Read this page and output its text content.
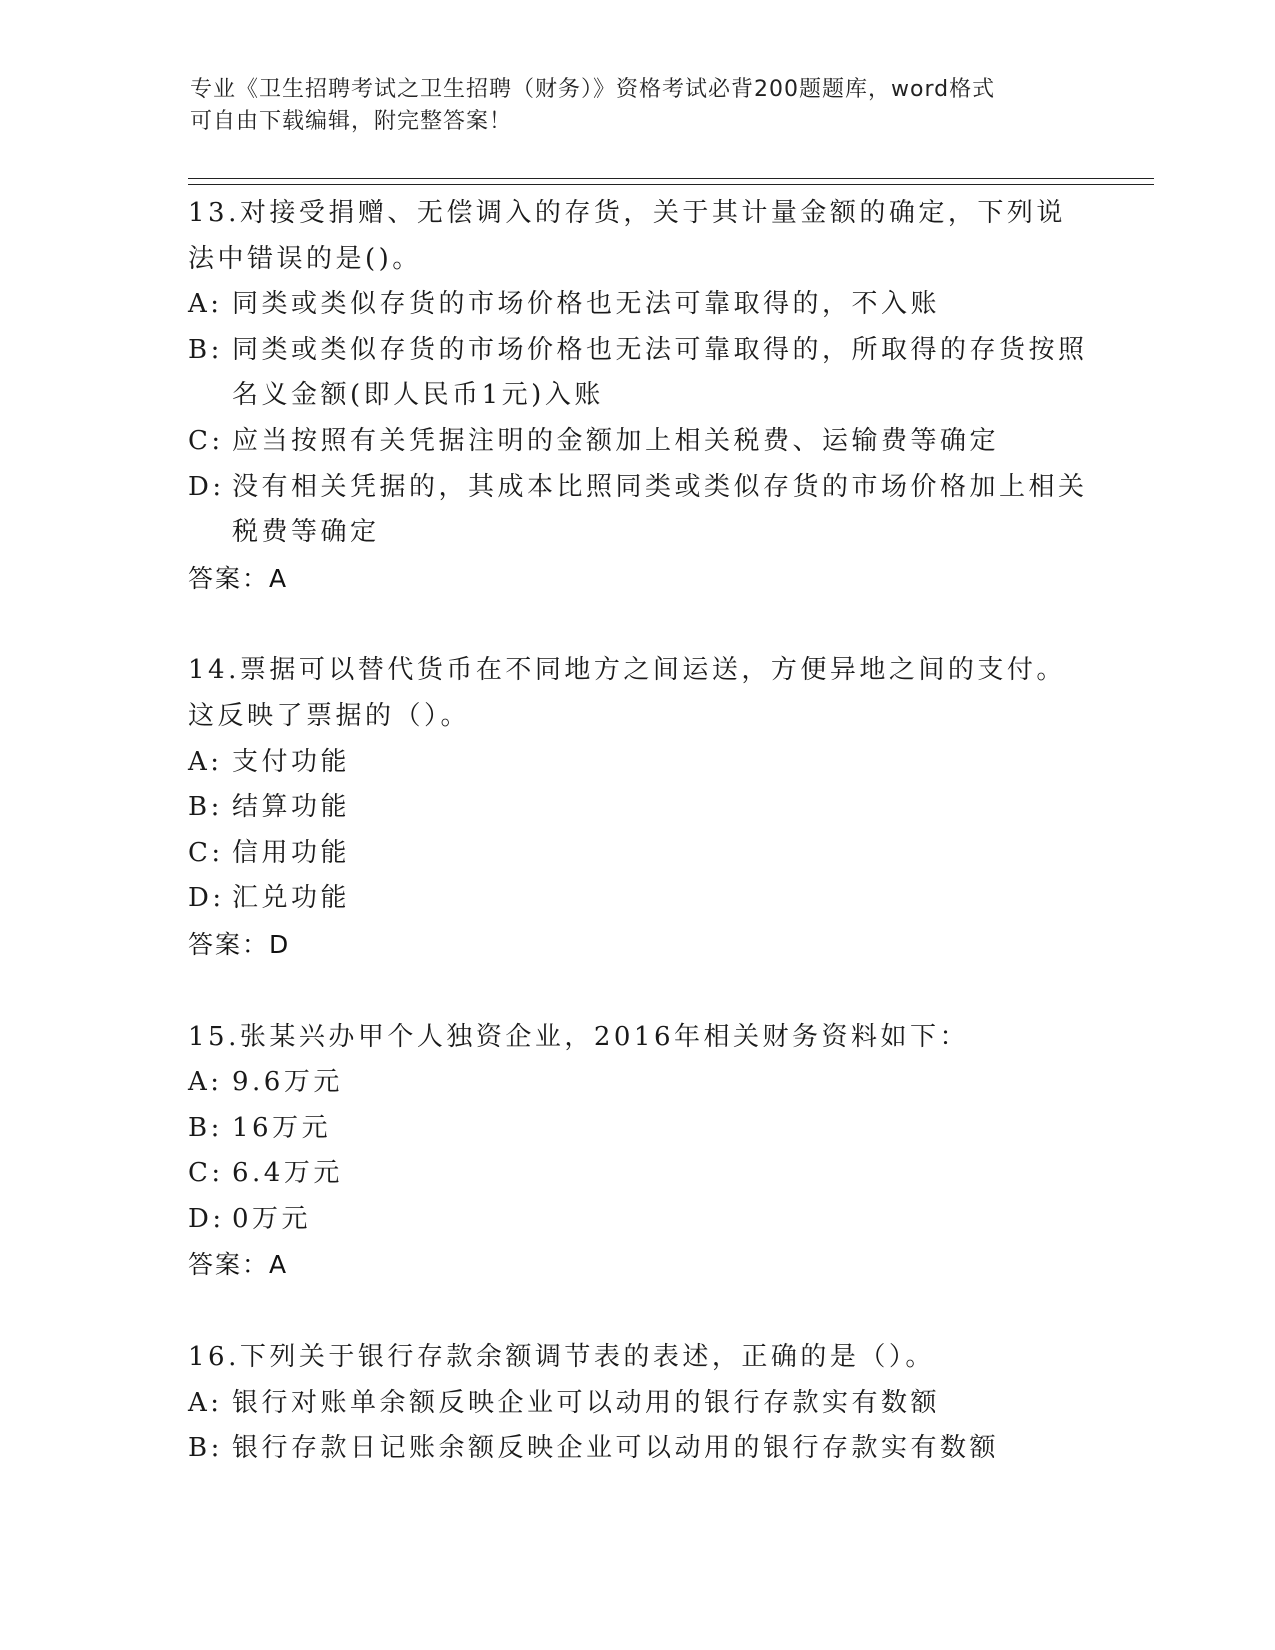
专业《卫生招聘考试之卫生招聘（财务）》资格考试必背200题题库，word格式
可自由下载编辑，附完整答案！
13.对接受捐赠、无偿调入的存货，关于其计量金额的确定，下列说法中错误的是()。
A: 同类或类似存货的市场价格也无法可靠取得的，不入账
B: 同类或类似存货的市场价格也无法可靠取得的，所取得的存货按照名义金额(即人民币1元)入账
C: 应当按照有关凭据注明的金额加上相关税费、运输费等确定
D: 没有相关凭据的，其成本比照同类或类似存货的市场价格加上相关税费等确定
答案：A
14.票据可以替代货币在不同地方之间运送，方便异地之间的支付。这反映了票据的（）。
A: 支付功能
B: 结算功能
C: 信用功能
D: 汇兑功能
答案：D
15.张某兴办甲个人独资企业，2016年相关财务资料如下：
A: 9.6万元
B: 16万元
C: 6.4万元
D: 0万元
答案：A
16.下列关于银行存款余额调节表的表述，正确的是（）。
A: 银行对账单余额反映企业可以动用的银行存款实有数额
B: 银行存款日记账余额反映企业可以动用的银行存款实有数额
